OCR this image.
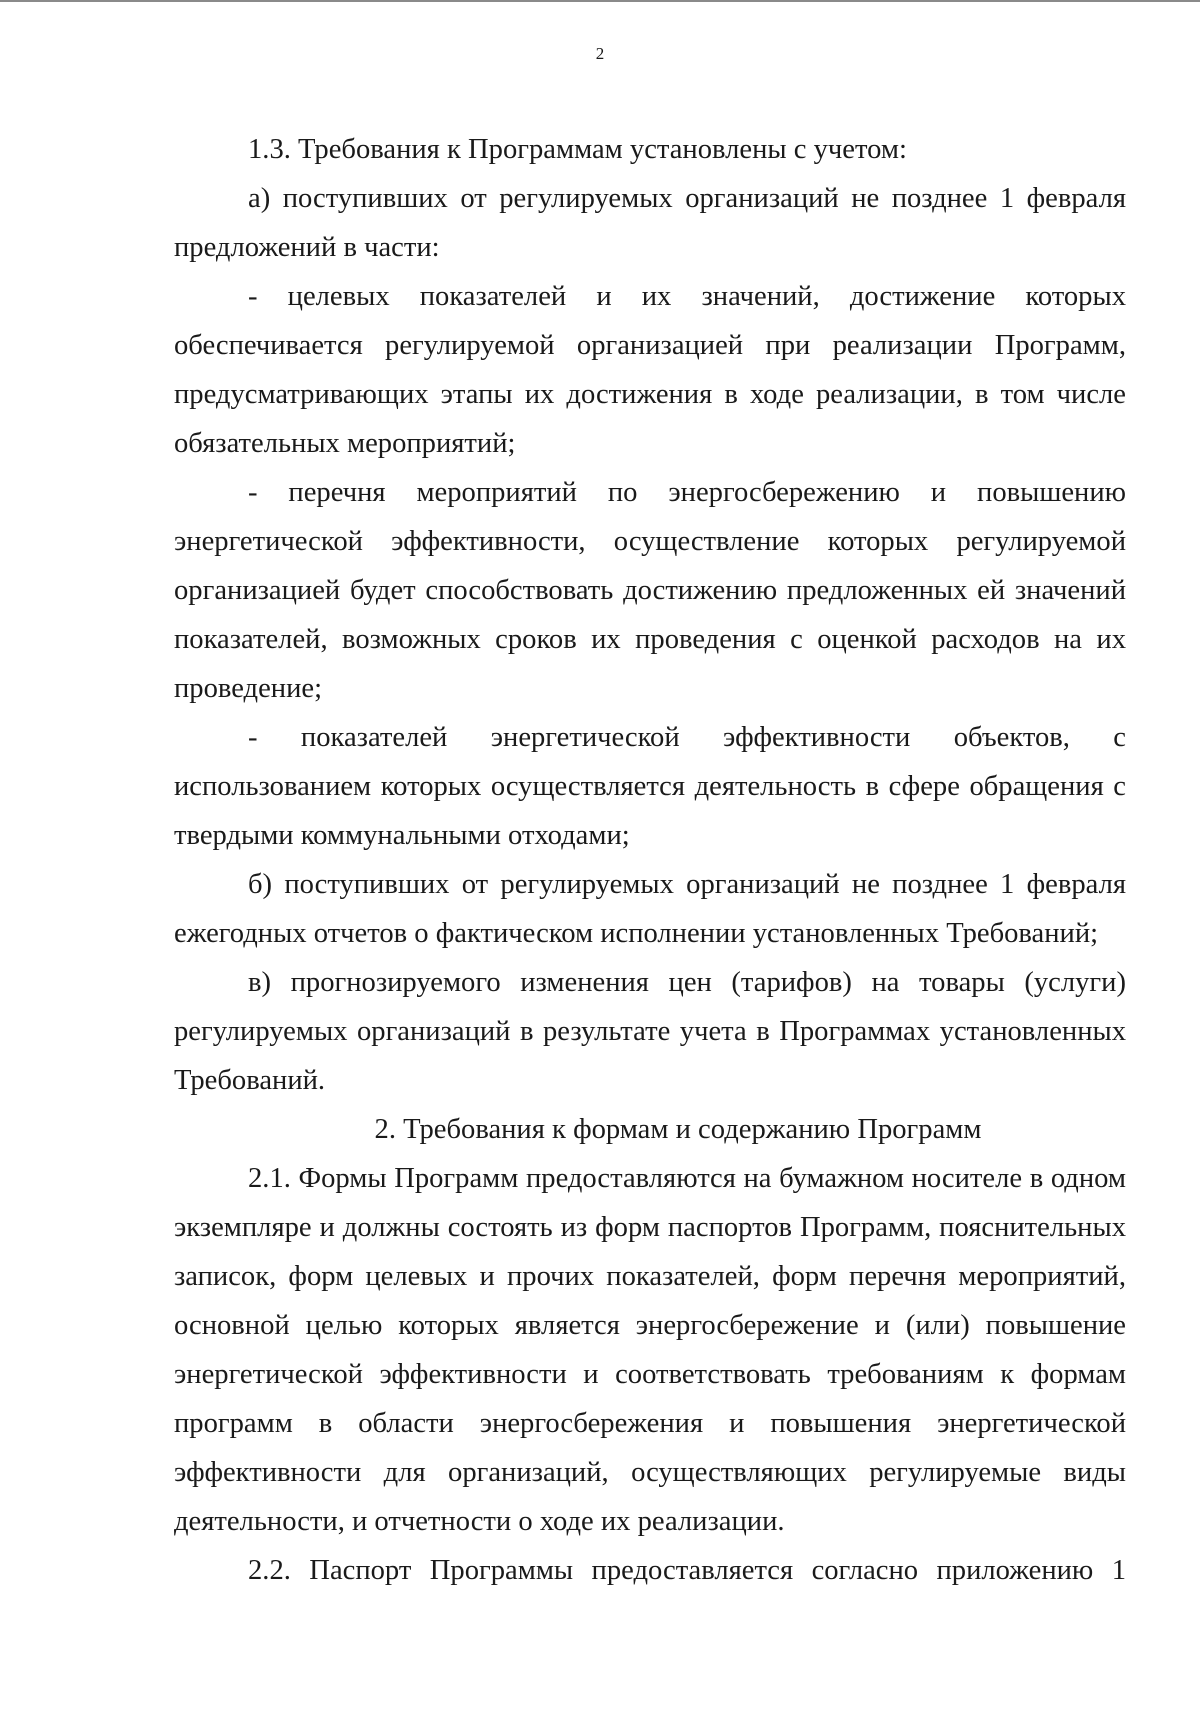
2

1.3. Требования к Программам установлены с учетом:

а) поступивших от регулируемых организаций не позднее 1 февраля предложений в части:

- целевых показателей и их значений, достижение которых обеспечивается регулируемой организацией при реализации Программ, предусматривающих этапы их достижения в ходе реализации, в том числе обязательных мероприятий;

- перечня мероприятий по энергосбережению и повышению энергетической эффективности, осуществление которых регулируемой организацией будет способствовать достижению предложенных ей значений показателей, возможных сроков их проведения с оценкой расходов на их проведение;

- показателей энергетической эффективности объектов, с использованием которых осуществляется деятельность в сфере обращения с твердыми коммунальными отходами;

б) поступивших от регулируемых организаций не позднее 1 февраля ежегодных отчетов о фактическом исполнении установленных Требований;

в) прогнозируемого изменения цен (тарифов) на товары (услуги) регулируемых организаций в результате учета в Программах установленных Требований.

2. Требования к формам и содержанию Программ

2.1. Формы Программ предоставляются на бумажном носителе в одном экземпляре и должны состоять из форм паспортов Программ, пояснительных записок, форм целевых и прочих показателей, форм перечня мероприятий, основной целью которых является энергосбережение и (или) повышение энергетической эффективности и соответствовать требованиям к формам программ в области энергосбережения и повышения энергетической эффективности для организаций, осуществляющих регулируемые виды деятельности, и отчетности о ходе их реализации.

2.2. Паспорт Программы предоставляется согласно приложению 1
